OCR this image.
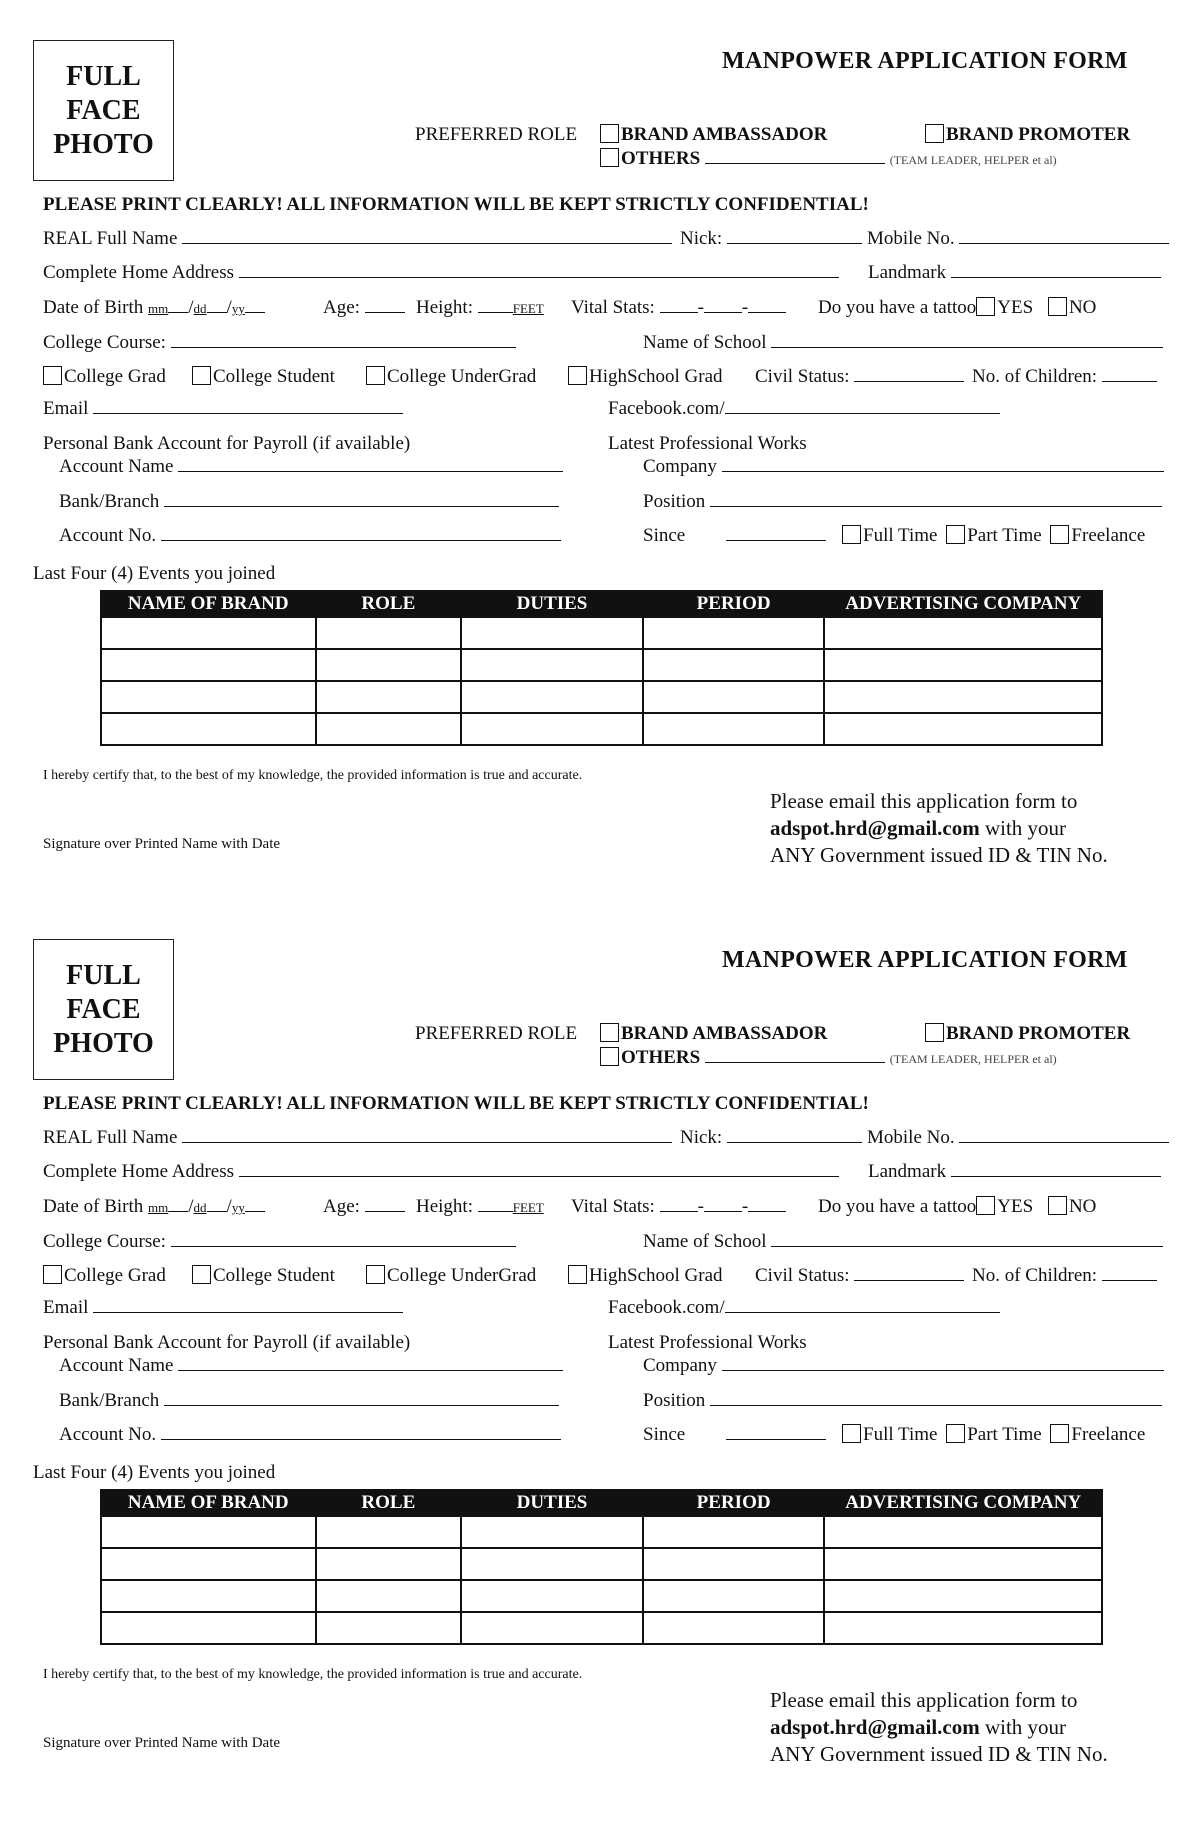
FULL
FACE
PHOTO
MANPOWER APPLICATION FORM
PREFERRED ROLE	BRAND AMBASSADOR	BRAND PROMOTER
OTHERS	(TEAM LEADER, HELPER et al)
PLEASE PRINT CLEARLY! ALL INFORMATION WILL BE KEPT STRICTLY CONFIDENTIAL!
REAL Full Name	Nick:	Mobile No.
Complete Home Address	Landmark
Date of Birth mm /dd /yy	Age:	Height:	FEET Vital Stats: - -	Do you have a tattoo YES NO
College Course:	Name of School
College Grad	College Student	College UnderGrad	HighSchool Grad Civil Status:	No. of Children:
Email	Facebook.com/
Personal Bank Account for Payroll (if available)	Latest Professional Works
Account Name	Company
Bank/Branch	Position
Account No.	Since	Full Time Part Time Freelance
Last Four (4) Events you joined
NAME OF BRAND	ROLE	DUTIES	PERIOD	ADVERTISING COMPANY

I hereby certify that, to the best of my knowledge, the provided information is true and accurate.
Signature over Printed Name with Date
Please email this application form to
adspot.hrd@gmail.com with your
ANY Government issued ID & TIN No.
FULL
FACE
PHOTO
MANPOWER APPLICATION FORM
PREFERRED ROLE	BRAND AMBASSADOR	BRAND PROMOTER
OTHERS	(TEAM LEADER, HELPER et al)
PLEASE PRINT CLEARLY! ALL INFORMATION WILL BE KEPT STRICTLY CONFIDENTIAL!
REAL Full Name	Nick:	Mobile No.
Complete Home Address	Landmark
Date of Birth mm /dd /yy	Age:	Height:	FEET Vital Stats: - -	Do you have a tattoo YES NO
College Course:	Name of School
College Grad	College Student	College UnderGrad	HighSchool Grad Civil Status:	No. of Children:
Email	Facebook.com/
Personal Bank Account for Payroll (if available)	Latest Professional Works
Account Name	Company
Bank/Branch	Position
Account No.	Since	Full Time Part Time Freelance
Last Four (4) Events you joined
NAME OF BRAND	ROLE	DUTIES	PERIOD	ADVERTISING COMPANY

I hereby certify that, to the best of my knowledge, the provided information is true and accurate.
Signature over Printed Name with Date
Please email this application form to
adspot.hrd@gmail.com with your
ANY Government issued ID & TIN No.
